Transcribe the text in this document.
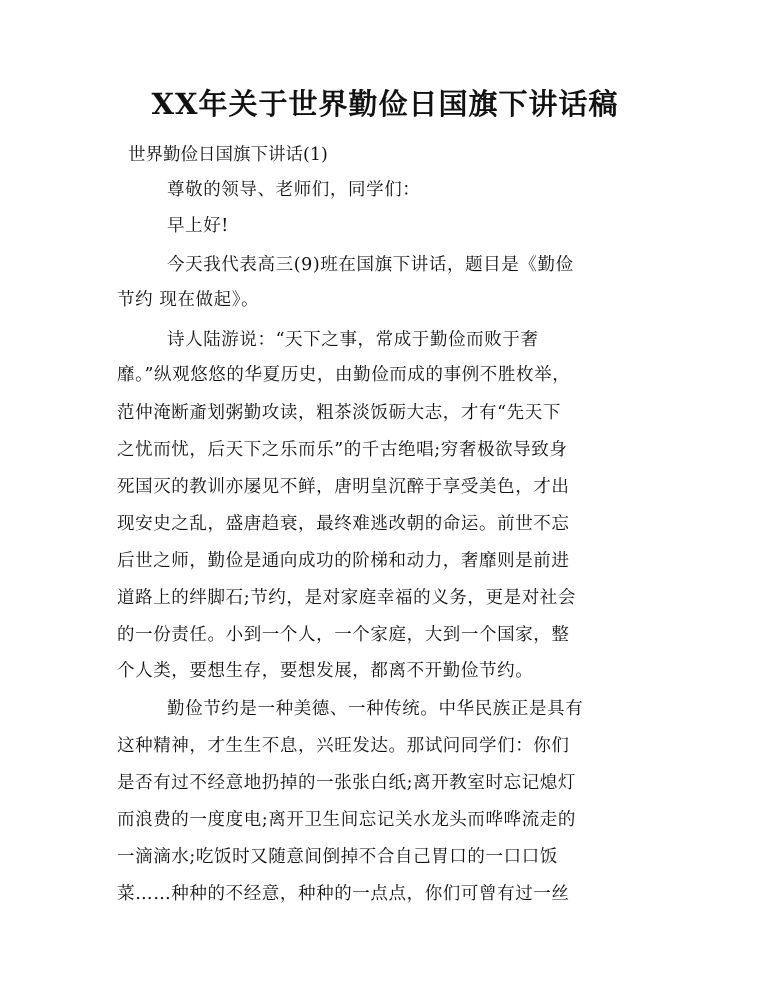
XX年关于世界勤俭日国旗下讲话稿
世界勤俭日国旗下讲话(1)
尊敬的领导、老师们，同学们：
早上好!
今天我代表高三(9)班在国旗下讲话，题目是《勤俭
节约 现在做起》。
诗人陆游说：“天下之事，常成于勤俭而败于奢
靡。”纵观悠悠的华夏历史，由勤俭而成的事例不胜枚举，
范仲淹断齑划粥勤攻读，粗茶淡饭砺大志，才有“先天下
之忧而忧，后天下之乐而乐”的千古绝唱;穷奢极欲导致身
死国灭的教训亦屡见不鲜，唐明皇沉醉于享受美色，才出
现安史之乱，盛唐趋衰，最终难逃改朝的命运。前世不忘
后世之师，勤俭是通向成功的阶梯和动力，奢靡则是前进
道路上的绊脚石;节约，是对家庭幸福的义务，更是对社会
的一份责任。小到一个人，一个家庭，大到一个国家，整
个人类，要想生存，要想发展，都离不开勤俭节约。
勤俭节约是一种美德、一种传统。中华民族正是具有
这种精神，才生生不息，兴旺发达。那试问同学们：你们
是否有过不经意地扔掉的一张张白纸;离开教室时忘记熄灯
而浪费的一度度电;离开卫生间忘记关水龙头而哗哗流走的
一滴滴水;吃饭时又随意间倒掉不合自己胃口的一口口饭
菜……种种的不经意，种种的一点点，你们可曾有过一丝
